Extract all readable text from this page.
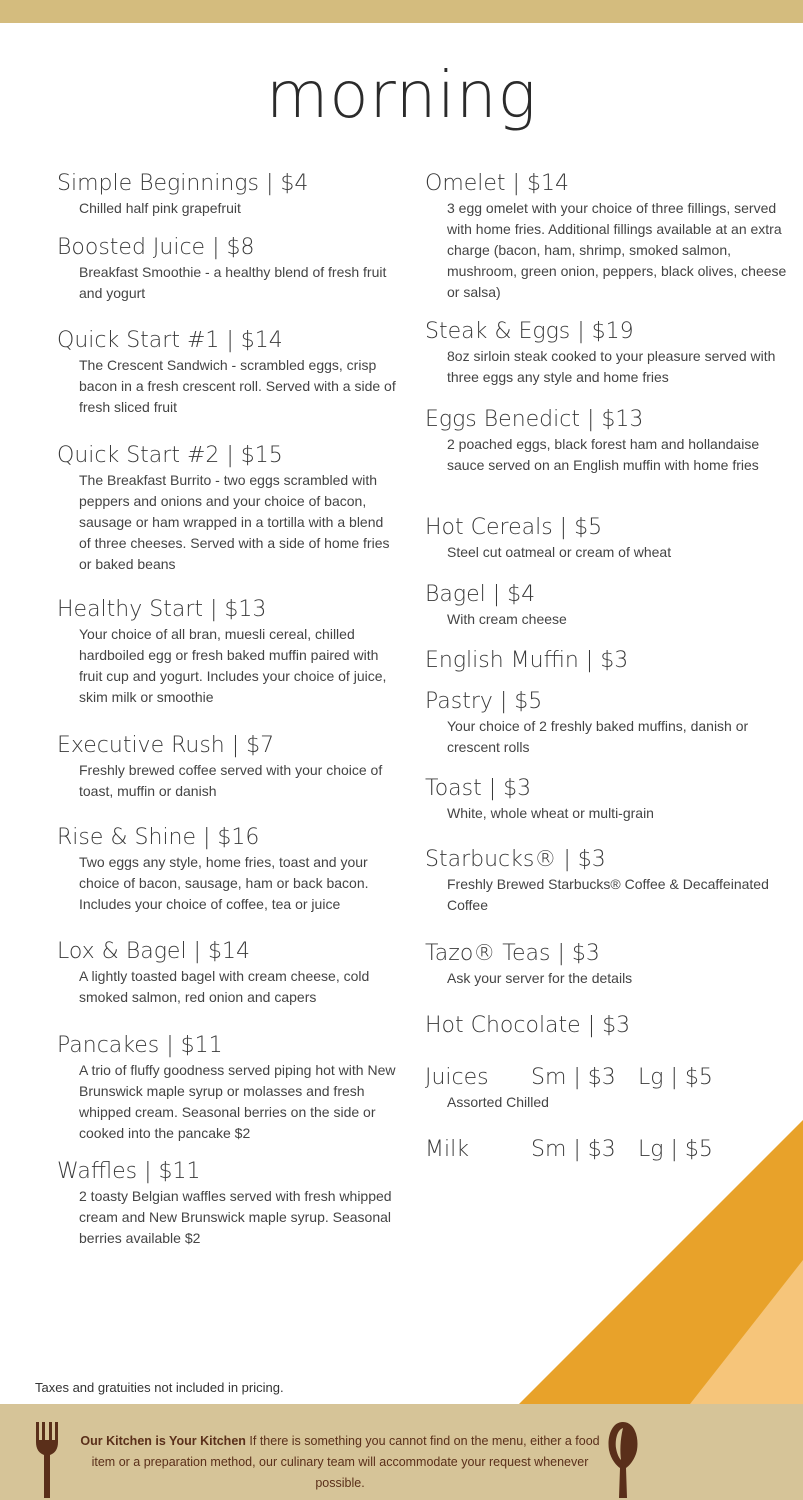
morning
Simple Beginnings | $4
Chilled half pink grapefruit
Boosted Juice | $8
Breakfast Smoothie - a healthy blend of fresh fruit and yogurt
Quick Start #1 | $14
The Crescent Sandwich - scrambled eggs, crisp bacon in a fresh crescent roll. Served with a side of fresh sliced fruit
Quick Start #2 | $15
The Breakfast Burrito - two eggs scrambled with peppers and onions and your choice of bacon, sausage or ham wrapped in a tortilla with a blend of three cheeses. Served with a side of home fries or baked beans
Healthy Start | $13
Your choice of all bran, muesli cereal, chilled hardboiled egg or fresh baked muffin paired with fruit cup and yogurt. Includes your choice of juice, skim milk or smoothie
Executive Rush | $7
Freshly brewed coffee served with your choice of toast, muffin or danish
Rise & Shine | $16
Two eggs any style, home fries, toast and your choice of bacon, sausage, ham or back bacon. Includes your choice of coffee, tea or juice
Lox & Bagel | $14
A lightly toasted bagel with cream cheese, cold smoked salmon, red onion and capers
Pancakes | $11
A trio of fluffy goodness served piping hot with New Brunswick maple syrup or molasses and fresh whipped cream. Seasonal berries on the side or cooked into the pancake $2
Waffles | $11
2 toasty Belgian waffles served with fresh whipped cream and New Brunswick maple syrup. Seasonal berries available $2
Omelet | $14
3 egg omelet with your choice of three fillings, served with home fries. Additional fillings available at an extra charge (bacon, ham, shrimp, smoked salmon, mushroom, green onion, peppers, black olives, cheese or salsa)
Steak & Eggs | $19
8oz sirloin steak cooked to your pleasure served with three eggs any style and home fries
Eggs Benedict | $13
2 poached eggs, black forest ham and hollandaise sauce served on an English muffin with home fries
Hot Cereals | $5
Steel cut oatmeal or cream of wheat
Bagel | $4
With cream cheese
English Muffin | $3
Pastry | $5
Your choice of 2 freshly baked muffins, danish or crescent rolls
Toast | $3
White, whole wheat or multi-grain
Starbucks® | $3
Freshly Brewed Starbucks® Coffee & Decaffeinated Coffee
Tazo® Teas | $3
Ask your server for the details
Hot Chocolate | $3
Juices Sm | $3 Lg | $5
Assorted Chilled
Milk	Sm | $3 Lg | $5
Taxes and gratuities not included in pricing.
Our Kitchen is Your Kitchen If there is something you cannot find on the menu, either a food item or a preparation method, our culinary team will accommodate your request whenever possible.
